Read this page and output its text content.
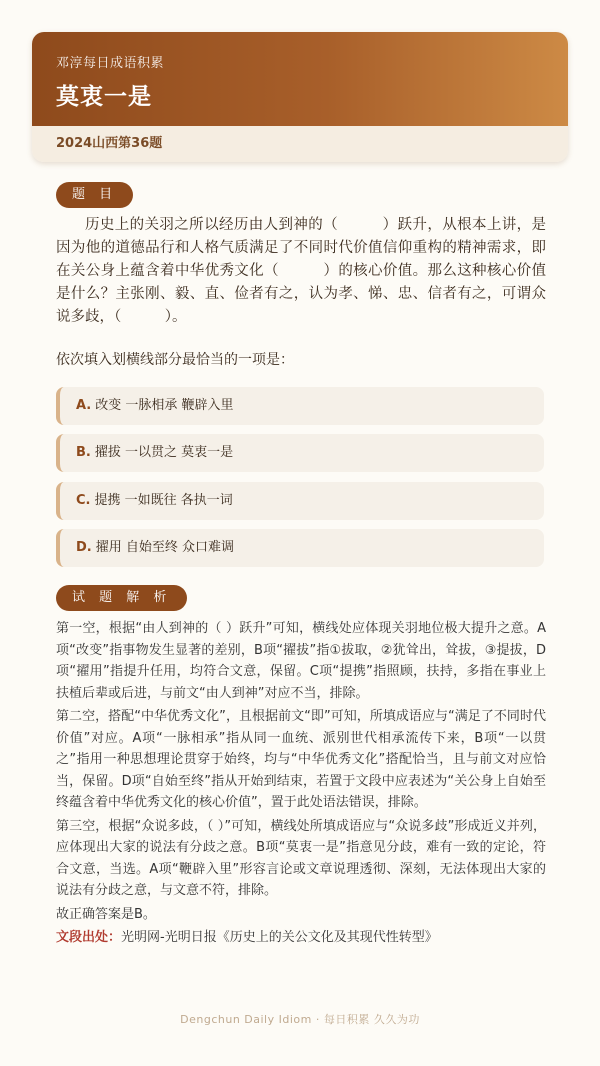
邓淳每日成语积累
莫衷一是
2024山西第36题
题 目
历史上的关羽之所以经历由人到神的（　　　）跃升，从根本上讲，是因为他的道德品行和人格气质满足了不同时代价值信仰重构的精神需求，即在关公身上蕴含着中华优秀文化（　　　）的核心价值。那么这种核心价值是什么？主张刚、毅、直、俭者有之，认为孝、悌、忠、信者有之，可谓众说多歧，（　　　）。
依次填入划横线部分最恰当的一项是：
A. 改变 一脉相承 鞭辟入里
B. 擢拔 一以贯之 莫衷一是
C. 提携 一如既往 各执一词
D. 擢用 自始至终 众口难调
试 题 解 析

第一空，根据“由人到神的（ ）跃升”可知，横线处应体现关羽地位极大提升之意。A项“改变”指事物发生显著的差别，B项“擢拔”指①拔取，②犹耸出，耸拔，③提拔，D项“擢用”指提升任用，均符合文意，保留。C项“提携”指照顾，扶持，多指在事业上扶植后辈或后进，与前文“由人到神”对应不当，排除。

第二空，搭配“中华优秀文化”，且根据前文“即”可知，所填成语应与“满足了不同时代价值”对应。A项“一脉相承”指从同一血统、派别世代相承流传下来，B项“一以贯之”指用一种思想理论贯穿于始终，均与“中华优秀文化”搭配恰当，且与前文对应恰当，保留。D项“自始至终”指从开始到结束，若置于文段中应表述为“关公身上自始至终蕴含着中华优秀文化的核心价值”，置于此处语法错误，排除。

第三空，根据“众说多歧，（ ）”可知，横线处所填成语应与“众说多歧”形成近义并列，应体现出大家的说法有分歧之意。B项“莫衷一是”指意见分歧，难有一致的定论，符合文意，当选。A项“鞭辟入里”形容言论或文章说理透彻、深刻，无法体现出大家的说法有分歧之意，与文意不符，排除。

故正确答案是B。

文段出处：光明网-光明日报《历史上的关公文化及其现代性转型》
Dengchun Daily Idiom · 每日积累 久久为功
